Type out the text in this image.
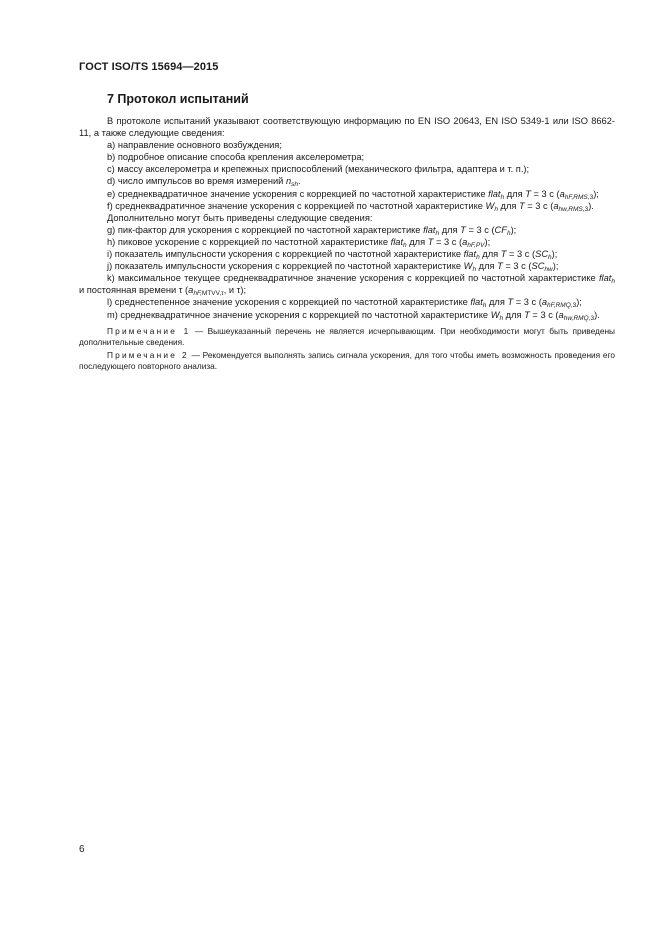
ГОСТ ISO/TS 15694—2015
7 Протокол испытаний

В протоколе испытаний указывают соответствующую информацию по EN ISO 20643, EN ISO 5349-1 или ISO 8662-11, а также следующие сведения:

а) направление основного возбуждения;

b) подробное описание способа крепления акселерометра;

с) массу акселерометра и крепежных приспособлений (механического фильтра, адаптера и т. п.);

d) число импульсов во время измерений $n_{sh}$.

е) среднеквадратичное значение ускорения с коррекцией по частотной характеристике flat$_h$ для Т = 3 с $(a_{hF,RMS,3})$;

f) среднеквадратичное значение ускорения с коррекцией по частотной характеристике $W_h$ для Т = 3 с $(a_{hw,RMS,3})$.

Дополнительно могут быть приведены следующие сведения:

g) пик-фактор для ускорения с коррекцией по частотной характеристике flat$_h$ для Т = 3 с $(CF_h)$;

h) пиковое ускорение с коррекцией по частотной характеристике flat$_h$ для Т = 3 с $(a_{hF,PV})$;

i) показатель импульсности ускорения с коррекцией по частотной характеристике flat$_h$ для Т = 3 с $(SC_h)$;

j) показатель импульсности ускорения с коррекцией по частотной характеристике $W_h$ для Т = 3 с $(SC_{hw})$;

k) максимальное текущее среднеквадратичное значение ускорения с коррекцией по частотной характеристике flat$_h$ и постоянная времени τ ($a_{hF,MTVV,\tau}$, и τ);

l) среднестепенное значение ускорения с коррекцией по частотной характеристике flat$_h$ для Т = 3 с $(a_{hF,RMQ,3})$;

m) среднеквадратичное значение ускорения с коррекцией по частотной характеристике $W_h$ для Т = 3 с $(a_{hw,RMQ,3})$.

Примечание 1 — Вышеуказанный перечень не является исчерпывающим. При необходимости могут быть приведены дополнительные сведения.

Примечание 2 — Рекомендуется выполнять запись сигнала ускорения, для того чтобы иметь возможность проведения его последующего повторного анализа.

6
